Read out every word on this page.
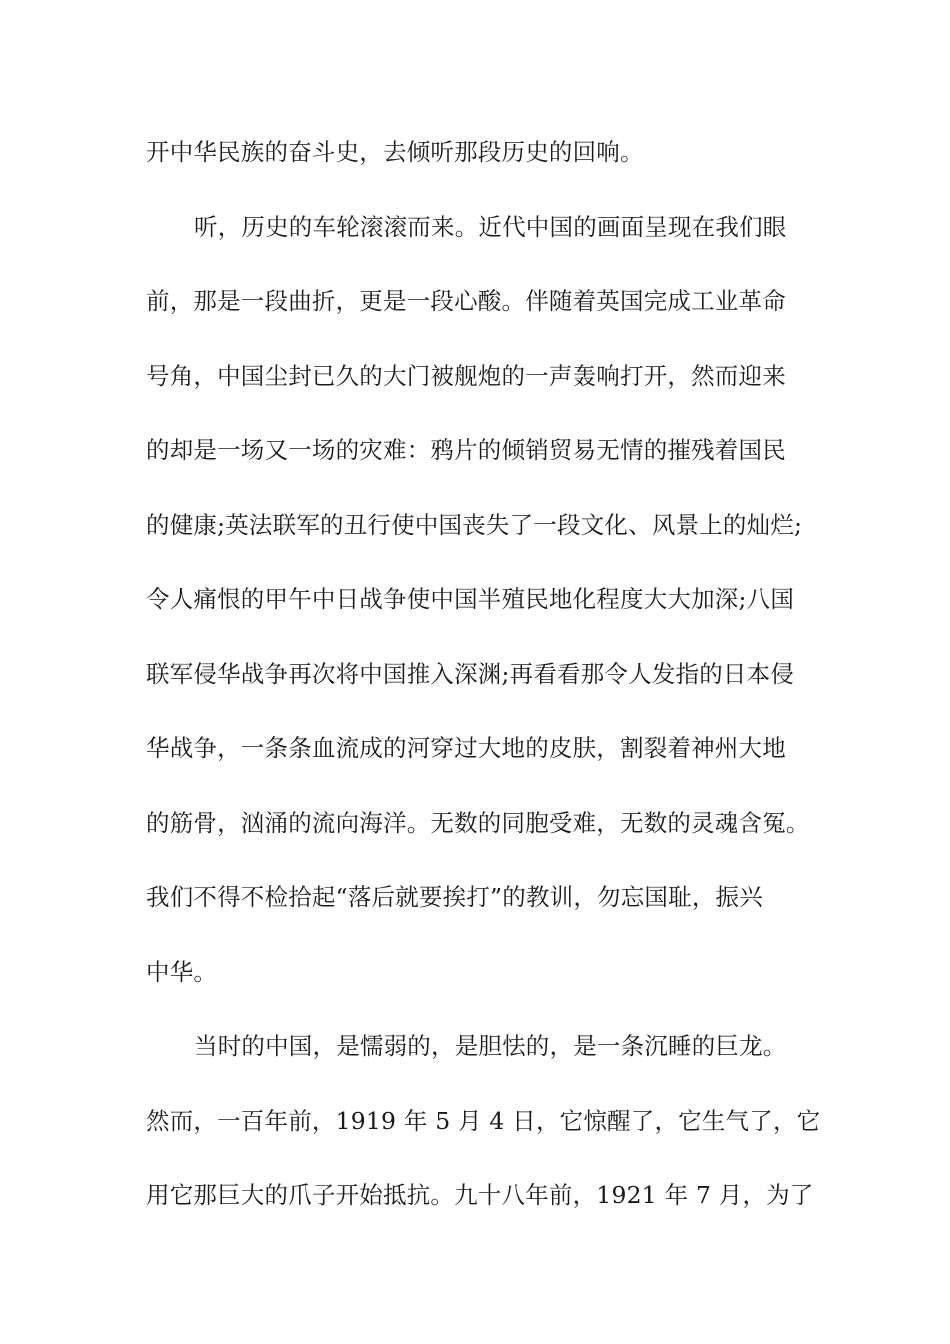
开中华民族的奋斗史，去倾听那段历史的回响。
听，历史的车轮滚滚而来。近代中国的画面呈现在我们眼
前，那是一段曲折，更是一段心酸。伴随着英国完成工业革命
号角，中国尘封已久的大门被舰炮的一声轰响打开，然而迎来
的却是一场又一场的灾难：鸦片的倾销贸易无情的摧残着国民
的健康;英法联军的丑行使中国丧失了一段文化、风景上的灿烂;
令人痛恨的甲午中日战争使中国半殖民地化程度大大加深;八国
联军侵华战争再次将中国推入深渊;再看看那令人发指的日本侵
华战争，一条条血流成的河穿过大地的皮肤，割裂着神州大地
的筋骨，汹涌的流向海洋。无数的同胞受难，无数的灵魂含冤。
我们不得不检拾起“落后就要挨打”的教训，勿忘国耻，振兴
中华。
当时的中国，是懦弱的，是胆怯的，是一条沉睡的巨龙。
然而，一百年前，1919 年 5 月 4 日，它惊醒了，它生气了，它
用它那巨大的爪子开始抵抗。九十八年前，1921 年 7 月，为了
